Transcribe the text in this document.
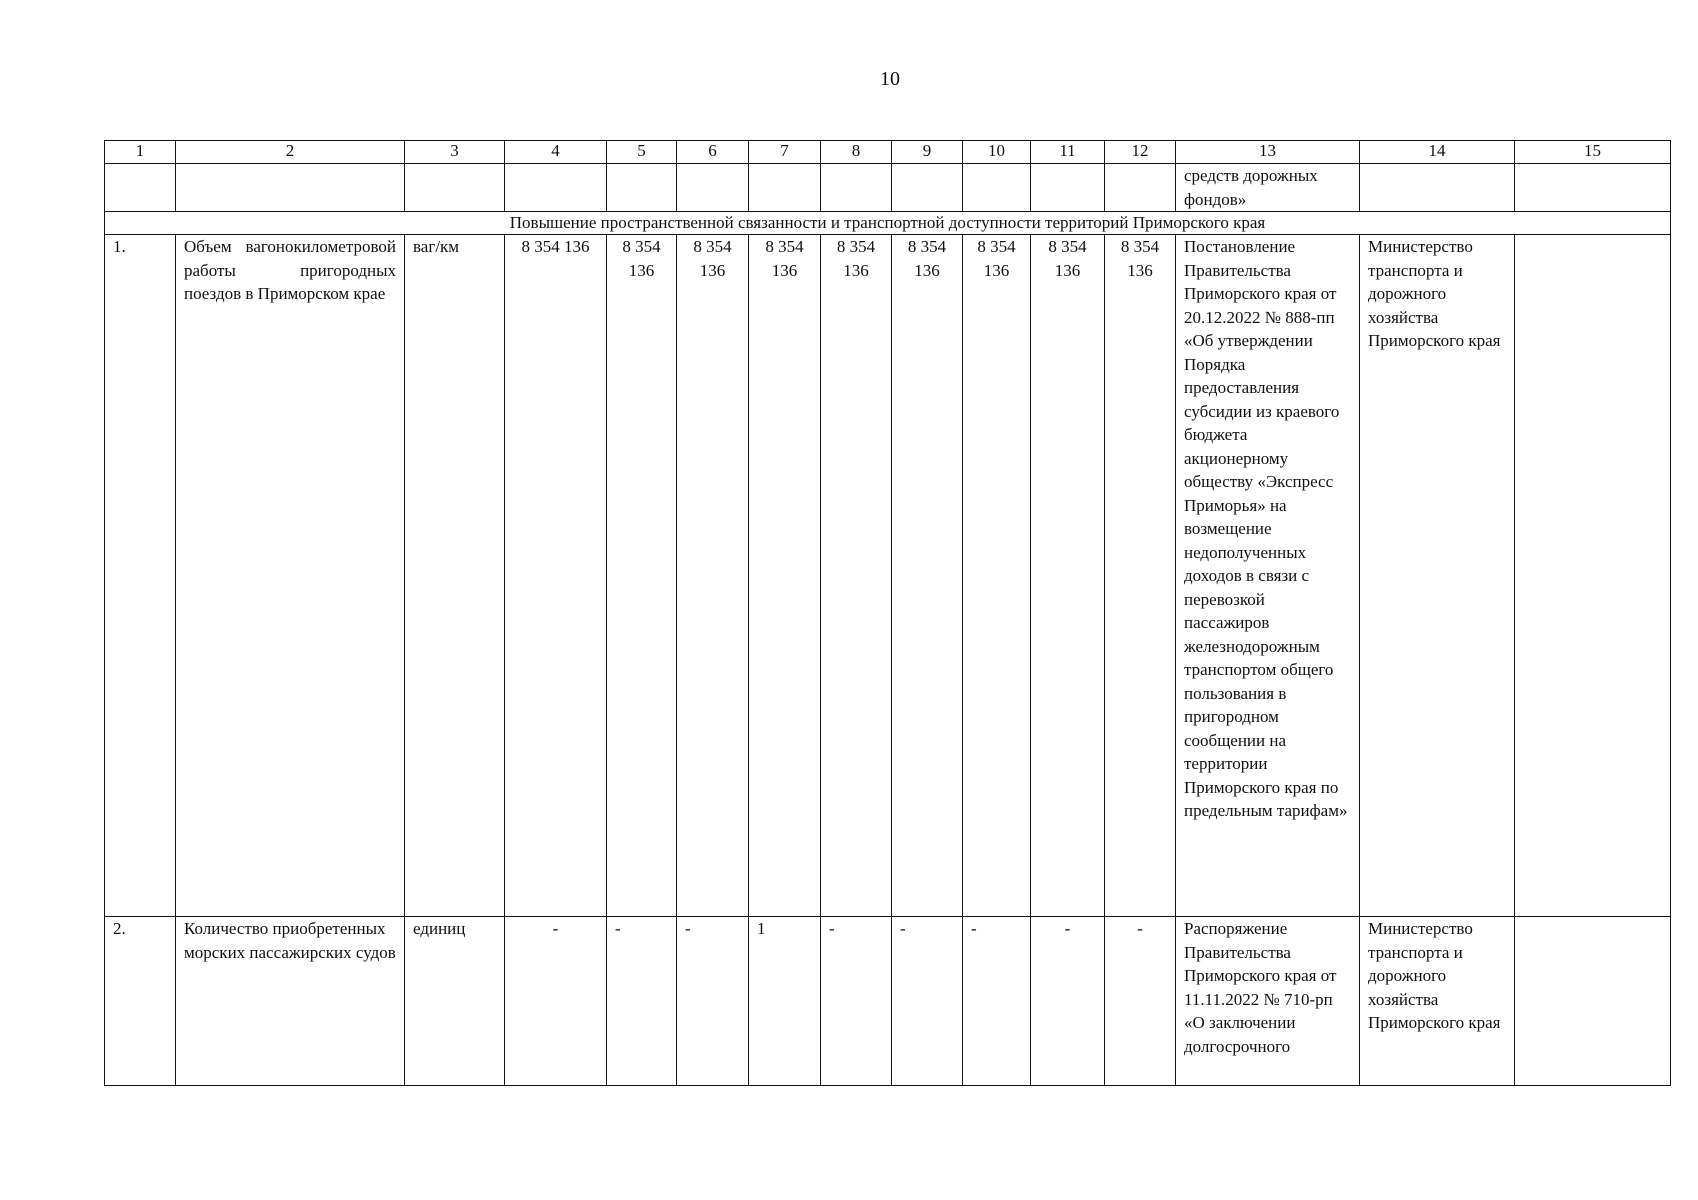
10
1	2	3	4	5	6	7	8	9	10	11	12	13	14	15
												средств дорожных фондов»		
Повышение пространственной связанности и транспортной доступности территорий Приморского края														
1.	Объем вагонокилометровой работы пригородных поездов в Приморском крае	ваг/км	8 354 136	8 354 136	8 354 136	8 354 136	8 354 136	8 354 136	8 354 136	8 354 136	8 354 136	Постановление Правительства Приморского края от 20.12.2022 № 888-пп «Об утверждении Порядка предоставления субсидии из краевого бюджета акционерному обществу «Экспресс Приморья» на возмещение недополученных доходов в связи с перевозкой пассажиров железнодорожным транспортом общего пользования в пригородном сообщении на территории Приморского края по предельным тарифам»	Министерство транспорта и дорожного хозяйства Приморского края	
2.	Количество приобретенных морских пассажирских судов	единиц	-	-	-	1	-	-	-	-	-	Распоряжение Правительства Приморского края от 11.11.2022 № 710-рп «О заключении долгосрочного	Министерство транспорта и дорожного хозяйства Приморского края	
